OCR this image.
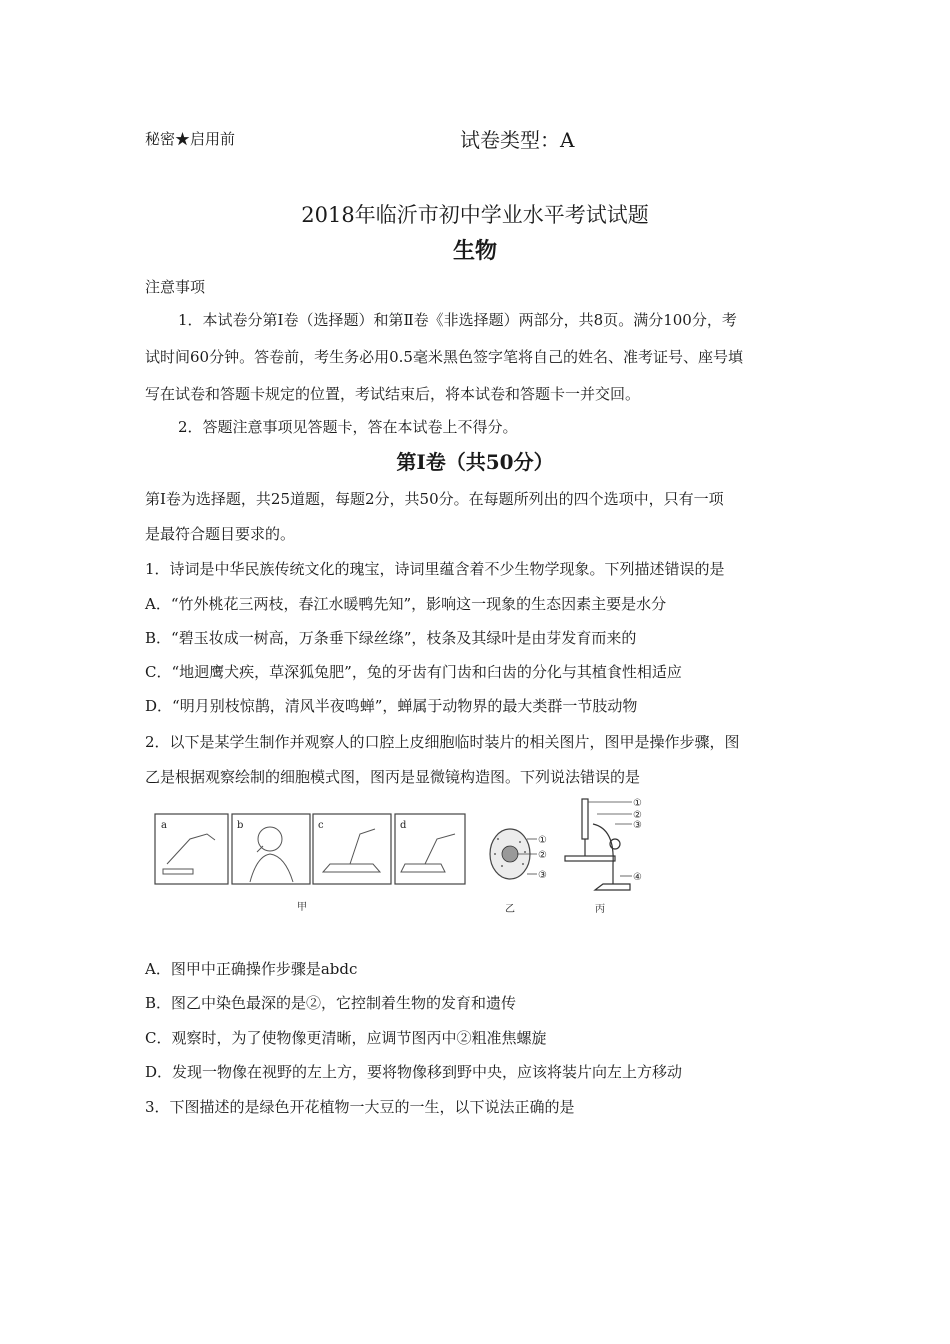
秘密★启用前	试卷类型：A
2018年临沂市初中学业水平考试试题
生物
注意事项
1．本试卷分第Ⅰ卷（选择题）和第Ⅱ卷《非选择题）两部分，共8页。满分100分，考
试时间60分钟。答卷前，考生务必用0.5毫米黑色签字笔将自己的姓名、准考证号、座号填
写在试卷和答题卡规定的位置，考试结束后，将本试卷和答题卡一并交回。
2．答题注意事项见答题卡，答在本试卷上不得分。
第Ⅰ卷（共50分）
第Ⅰ卷为选择题，共25道题，每题2分，共50分。在每题所列出的四个选项中，只有一项
是最符合题目要求的。
1．诗词是中华民族传统文化的瑰宝，诗词里蕴含着不少生物学现象。下列描述错误的是
A．“竹外桃花三两枝，春江水暖鸭先知”，影响这一现象的生态因素主要是水分
B．“碧玉妆成一树高，万条垂下绿丝绦”，枝条及其绿叶是由芽发育而来的
C．“地迥鹰犬疾，草深狐兔肥”，兔的牙齿有门齿和臼齿的分化与其植食性相适应
D．“明月别枝惊鹊，清风半夜鸣蝉”，蝉属于动物界的最大类群一节肢动物
2．以下是某学生制作并观察人的口腔上皮细胞临时装片的相关图片，图甲是操作步骤，图
乙是根据观察绘制的细胞模式图，图丙是显微镜构造图。下列说法错误的是
a	b	c	d
①
②
③
①
②
③
④
甲	乙	丙
A．图甲中正确操作步骤是abdc
B．图乙中染色最深的是②，它控制着生物的发育和遗传
C．观察时，为了使物像更清晰，应调节图丙中②粗准焦螺旋
D．发现一物像在视野的左上方，要将物像移到野中央，应该将装片向左上方移动
3．下图描述的是绿色开花植物一大豆的一生，以下说法正确的是
